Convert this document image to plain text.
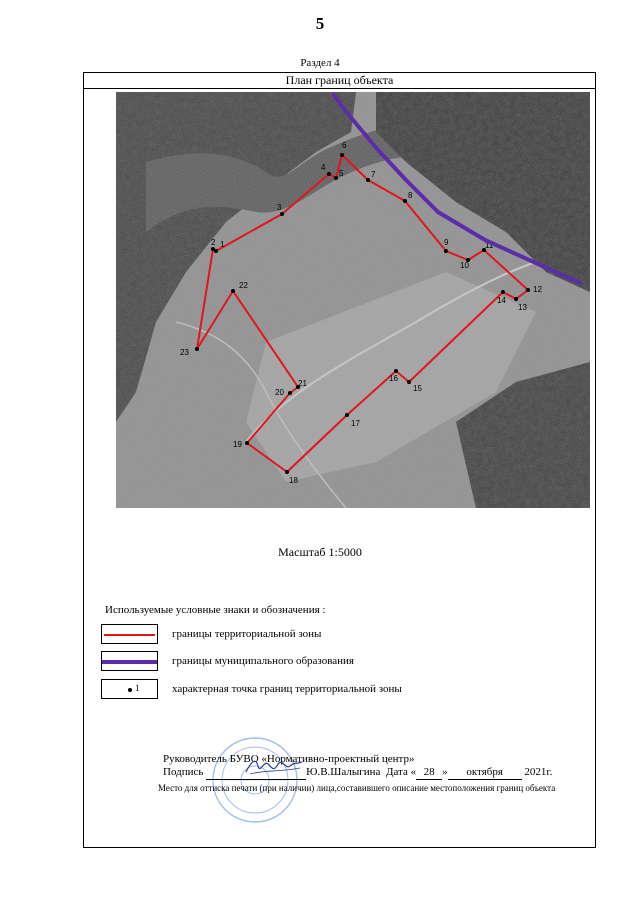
5
Раздел 4
План границ объекта
1
2
3
4
5
6
7
8
9
10
11
12
13
14
15
16
17
18
19
20
21
22
23
Масштаб 1:5000
Используемые условные знаки и обозначения :
границы территориальной зоны
границы муниципального образования
1	характерная точка границ территориальной зоны
Руководитель БУВО «Нормативно-проектный центр»
Подпись	Ю.В.Шалыгина Дата « 28 » октября 2021г.
Место для оттиска печати (при наличии) лица,составившего описание местоположения границ объекта
